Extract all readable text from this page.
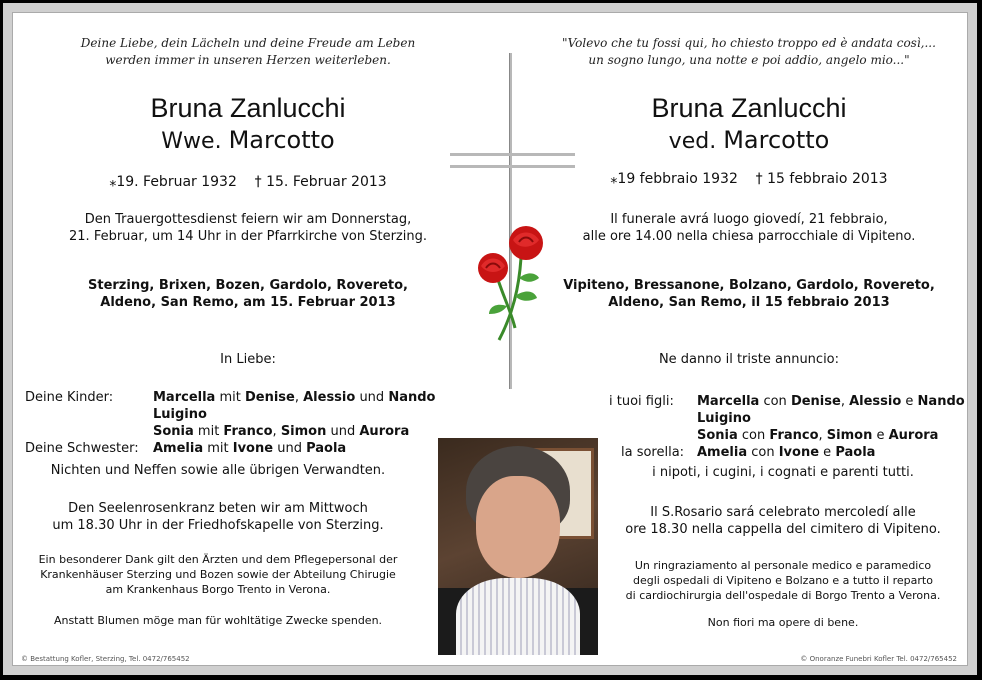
Deine Liebe, dein Lächeln und deine Freude am Leben
werden immer in unseren Herzen weiterleben.
Bruna Zanlucchi
Wwe. Marcotto
⁎19. Februar 1932 † 15. Februar 2013
Den Trauergottesdienst feiern wir am Donnerstag,
21. Februar, um 14 Uhr in der Pfarrkirche von Sterzing.
Sterzing, Brixen, Bozen, Gardolo, Rovereto,
Aldeno, San Remo, am 15. Februar 2013
In Liebe:
Deine Kinder:	Marcella mit Denise, Alessio und Nando
Luigino
Sonia mit Franco, Simon und Aurora
Deine Schwester: Amelia mit Ivone und Paola
Nichten und Neffen sowie alle übrigen Verwandten.
Den Seelenrosenkranz beten wir am Mittwoch
um 18.30 Uhr in der Friedhofskapelle von Sterzing.
Ein besonderer Dank gilt den Ärzten und dem Pflegepersonal der
Krankenhäuser Sterzing und Bozen sowie der Abteilung Chirugie
am Krankenhaus Borgo Trento in Verona.
Anstatt Blumen möge man für wohltätige Zwecke spenden.
© Bestattung Kofler, Sterzing, Tel. 0472/765452
"Volevo che tu fossi qui, ho chiesto troppo ed è andata così,...
un sogno lungo, una notte e poi addio, angelo mio..."
Bruna Zanlucchi
ved. Marcotto
⁎19 febbraio 1932 † 15 febbraio 2013
Il funerale avrá luogo giovedí, 21 febbraio,
alle ore 14.00 nella chiesa parrocchiale di Vipiteno.
Vipiteno, Bressanone, Bolzano, Gardolo, Rovereto,
Aldeno, San Remo, il 15 febbraio 2013
Ne danno il triste annuncio:
i tuoi figli: Marcella con Denise, Alessio e Nando
Luigino
Sonia con Franco, Simon e Aurora
la sorella: Amelia con Ivone e Paola
i nipoti, i cugini, i cognati e parenti tutti.
Il S.Rosario sará celebrato mercoledí alle
ore 18.30 nella cappella del cimitero di Vipiteno.
Un ringraziamento al personale medico e paramedico
degli ospedali di Vipiteno e Bolzano e a tutto il reparto
di cardiochirurgia dell'ospedale di Borgo Trento a Verona.
Non fiori ma opere di bene.
© Onoranze Funebri Kofler Tel. 0472/765452
